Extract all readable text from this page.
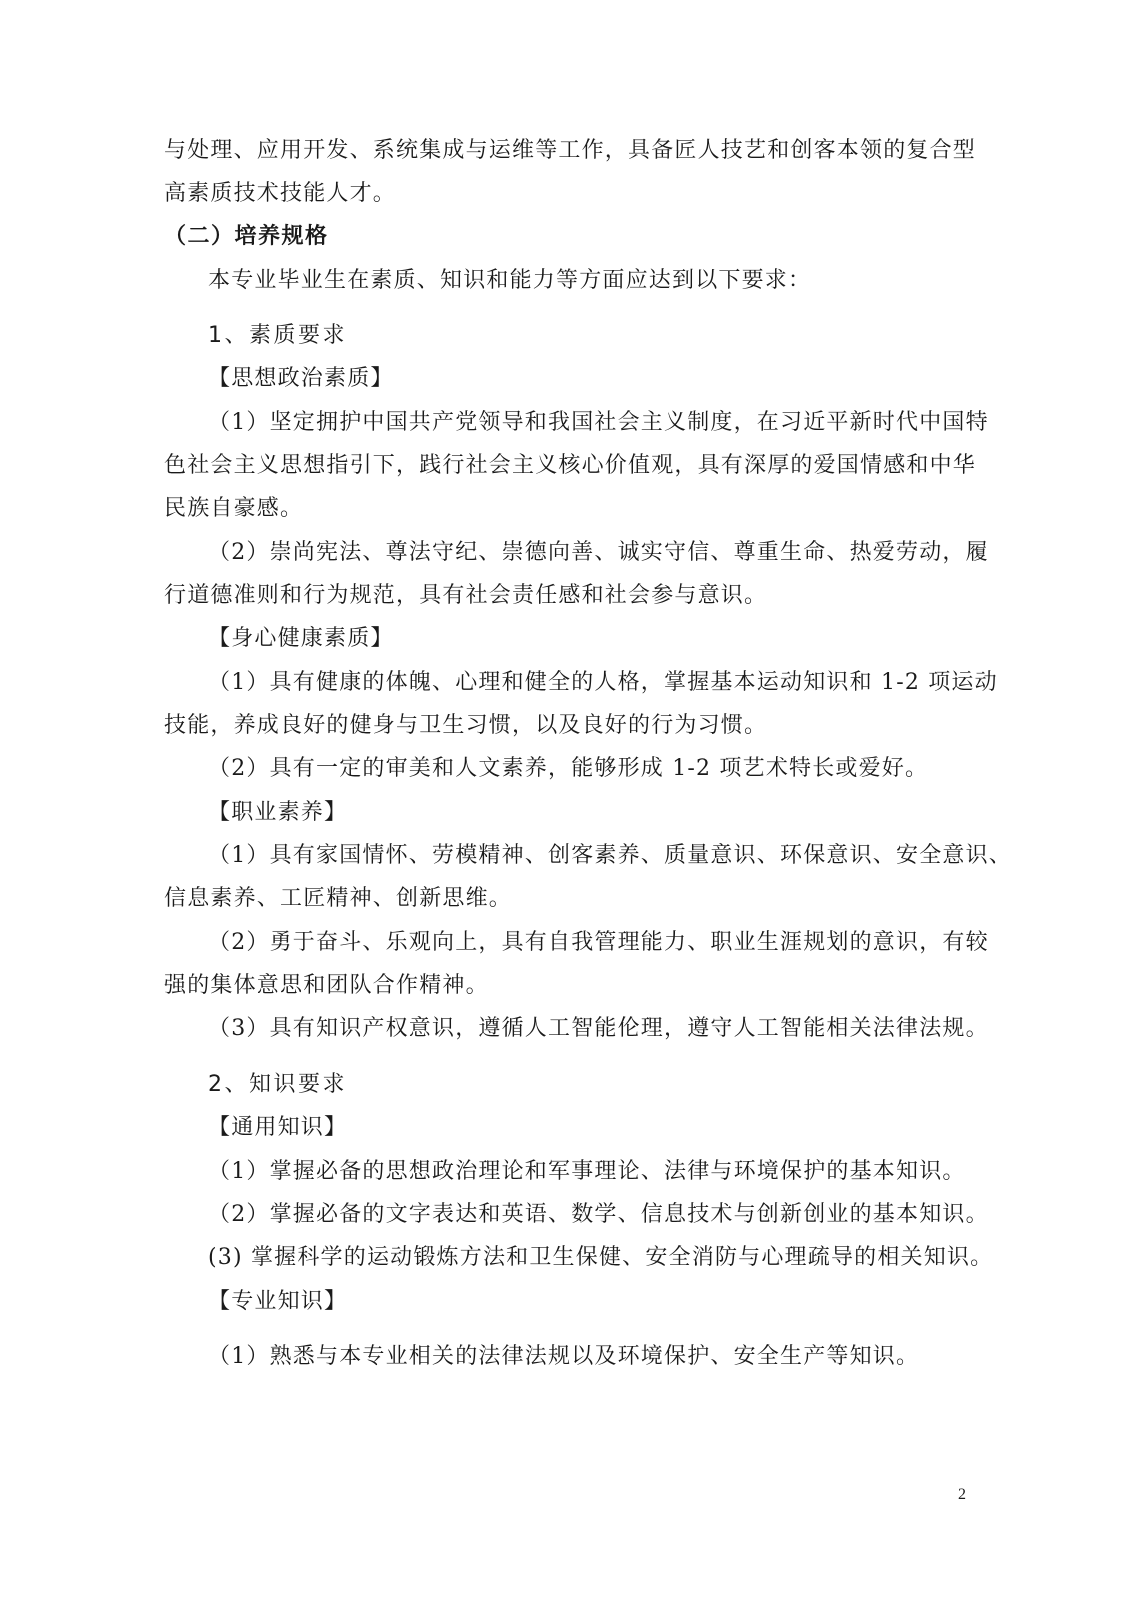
与处理、应用开发、系统集成与运维等工作，具备匠人技艺和创客本领的复合型
高素质技术技能人才。
（二）培养规格
本专业毕业生在素质、知识和能力等方面应达到以下要求：
1、素质要求
【思想政治素质】
（1）坚定拥护中国共产党领导和我国社会主义制度，在习近平新时代中国特
色社会主义思想指引下，践行社会主义核心价值观，具有深厚的爱国情感和中华
民族自豪感。
（2）崇尚宪法、尊法守纪、崇德向善、诚实守信、尊重生命、热爱劳动，履
行道德准则和行为规范，具有社会责任感和社会参与意识。
【身心健康素质】
（1）具有健康的体魄、心理和健全的人格，掌握基本运动知识和 1-2 项运动
技能，养成良好的健身与卫生习惯，以及良好的行为习惯。
（2）具有一定的审美和人文素养，能够形成 1-2 项艺术特长或爱好。
【职业素养】
（1）具有家国情怀、劳模精神、创客素养、质量意识、环保意识、安全意识、
信息素养、工匠精神、创新思维。
（2）勇于奋斗、乐观向上，具有自我管理能力、职业生涯规划的意识，有较
强的集体意思和团队合作精神。
（3）具有知识产权意识，遵循人工智能伦理，遵守人工智能相关法律法规。
2、知识要求
【通用知识】
（1）掌握必备的思想政治理论和军事理论、法律与环境保护的基本知识。
（2）掌握必备的文字表达和英语、数学、信息技术与创新创业的基本知识。
(3) 掌握科学的运动锻炼方法和卫生保健、安全消防与心理疏导的相关知识。
【专业知识】
（1）熟悉与本专业相关的法律法规以及环境保护、安全生产等知识。
2
